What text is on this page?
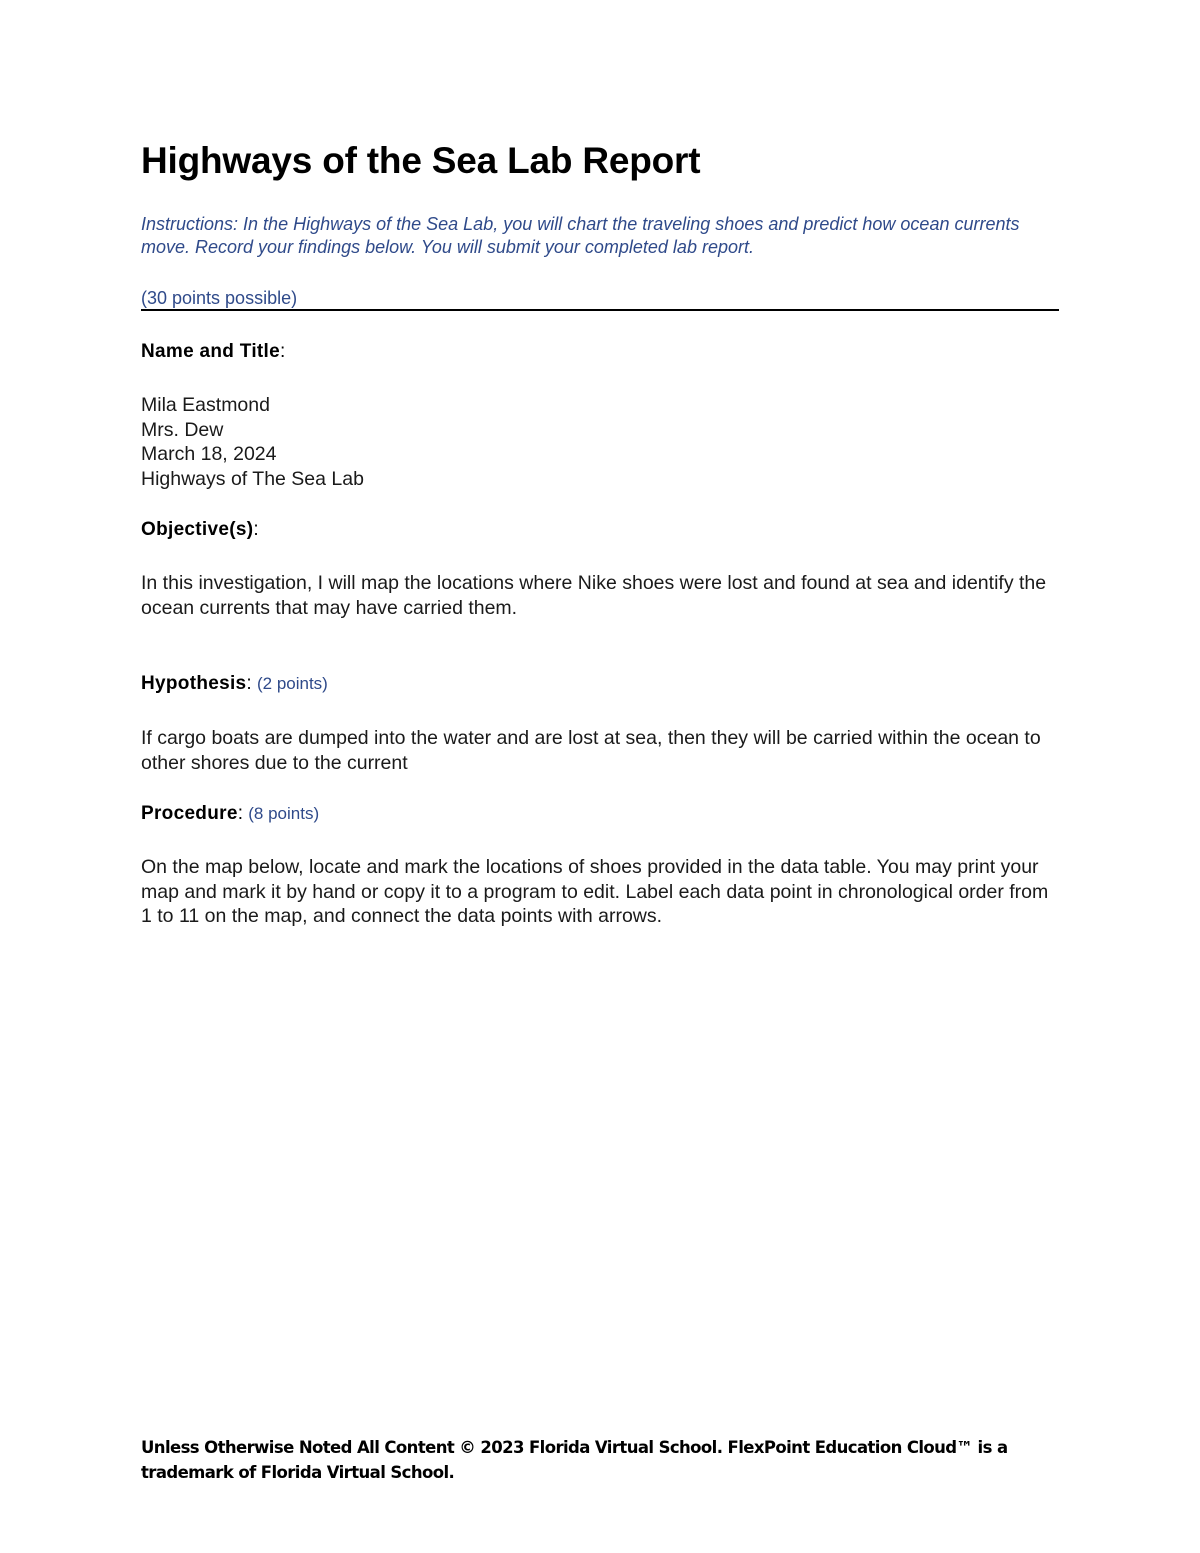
Highways of the Sea Lab Report

Instructions: In the Highways of the Sea Lab, you will chart the traveling shoes and predict how ocean currents move. Record your findings below. You will submit your completed lab report.

(30 points possible)

Name and Title:

Mila Eastmond
Mrs. Dew
March 18, 2024
Highways of The Sea Lab

Objective(s):

In this investigation, I will map the locations where Nike shoes were lost and found at sea and identify the ocean currents that may have carried them.

Hypothesis: (2 points)

If cargo boats are dumped into the water and are lost at sea, then they will be carried within the ocean to other shores due to the current

Procedure: (8 points)

On the map below, locate and mark the locations of shoes provided in the data table. You may print your map and mark it by hand or copy it to a program to edit. Label each data point in chronological order from 1 to 11 on the map, and connect the data points with arrows.

Unless Otherwise Noted All Content © 2023 Florida Virtual School. FlexPoint Education Cloud™ is a trademark of Florida Virtual School.
